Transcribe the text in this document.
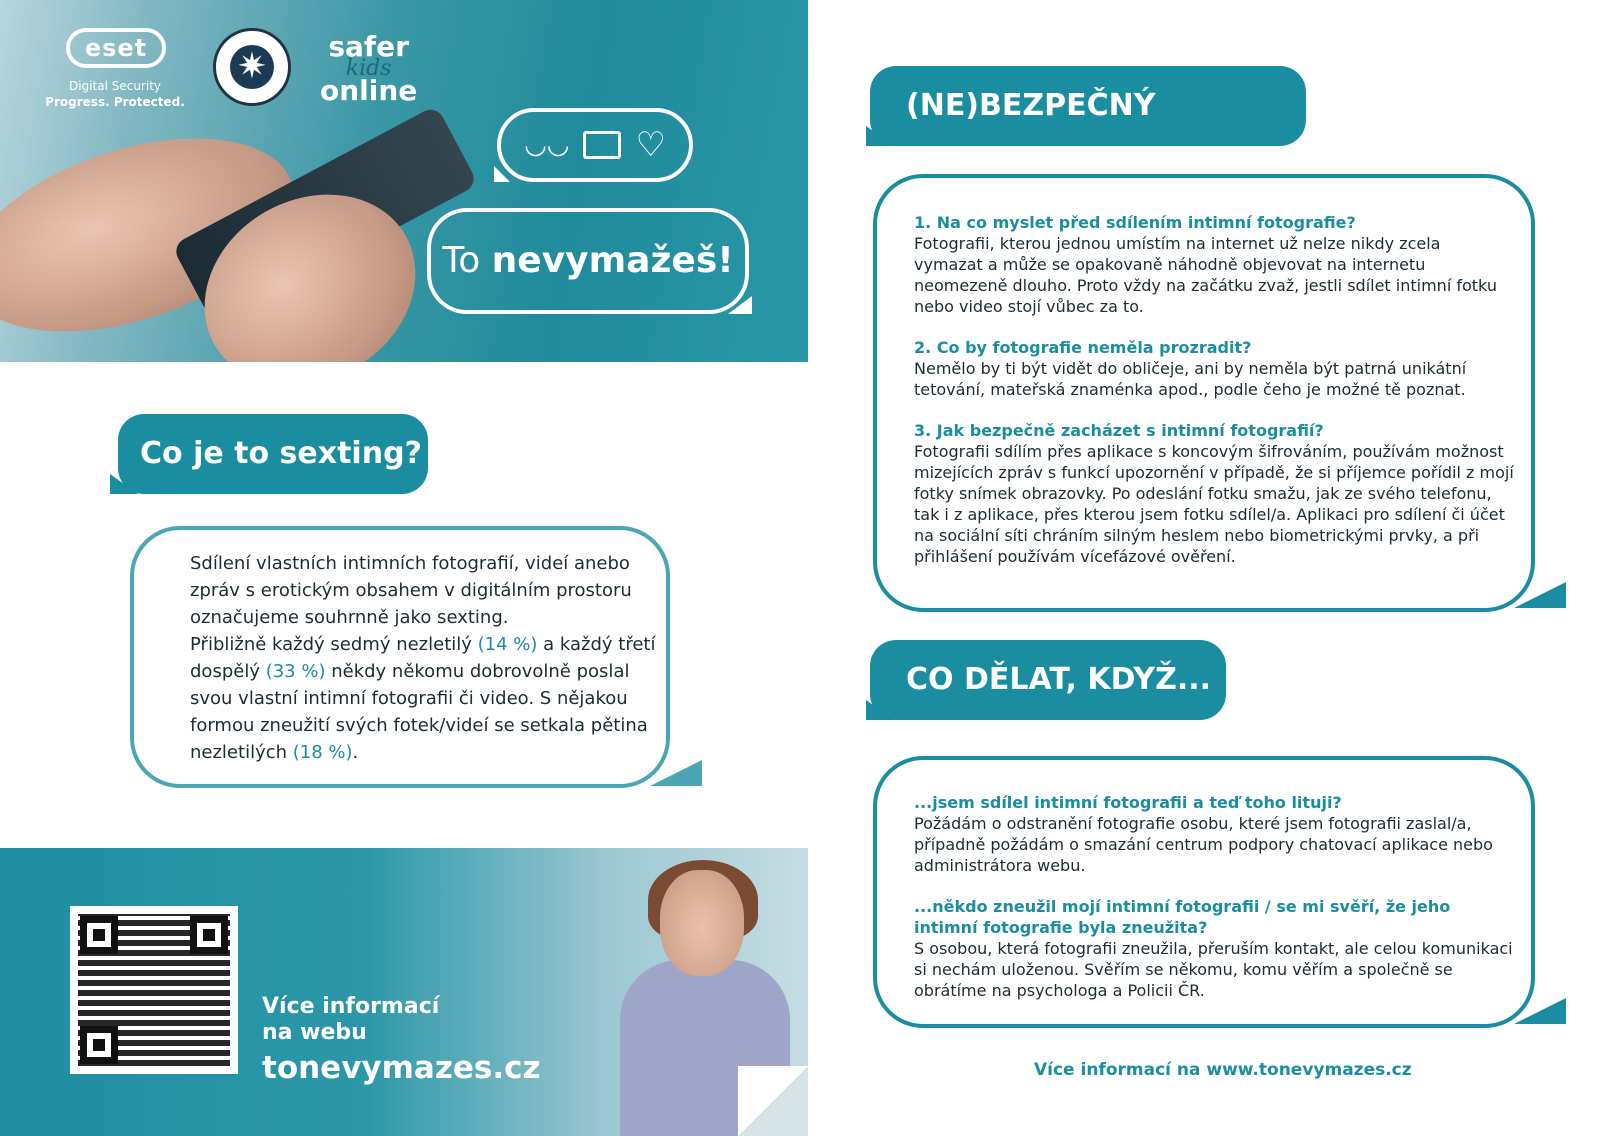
eset
Digital Security
Progress. Protected.
✷ safer
kids
online
◡◡ ♡
To nevymažeš!
Co je to sexting?
Sdílení vlastních intimních fotografií, videí anebo zpráv s erotickým obsahem v digitálním prostoru označujeme souhrnně jako sexting.
Přibližně každý sedmý nezletilý (14 %) a každý třetí dospělý (33 %) někdy někomu dobrovolně poslal svou vlastní intimní fotografii či video. S nějakou formou zneužití svých fotek/videí se setkala pětina nezletilých (18 %).
Více informací
na webu
tonevymazes.cz
(NE)BEZPEČNÝ SEXTING
1. Na co myslet před sdílením intimní fotografie?
Fotografii, kterou jednou umístím na internet už nelze nikdy zcela vymazat a může se opakovaně náhodně objevovat na internetu neomezeně dlouho. Proto vždy na začátku zvaž, jestli sdílet intimní fotku nebo video stojí vůbec za to.
2. Co by fotografie neměla prozradit?
Nemělo by ti být vidět do obličeje, ani by neměla být patrná unikátní tetování, mateřská znaménka apod., podle čeho je možné tě poznat.
3. Jak bezpečně zacházet s intimní fotografií?
Fotografii sdílím přes aplikace s koncovým šifrováním, používám možnost mizejících zpráv s funkcí upozornění v případě, že si příjemce pořídil z mojí fotky snímek obrazovky. Po odeslání fotku smažu, jak ze svého telefonu, tak i z aplikace, přes kterou jsem fotku sdílel/a. Aplikaci pro sdílení či účet na sociální síti chráním silným heslem nebo biometrickými prvky, a při přihlášení používám vícefázové ověření.
CO DĚLAT, KDYŽ...
...jsem sdílel intimní fotografii a teď toho lituji?
Požádám o odstranění fotografie osobu, které jsem fotografii zaslal/a, případně požádám o smazání centrum podpory chatovací aplikace nebo administrátora webu.
...někdo zneužil mojí intimní fotografii / se mi svěří, že jeho intimní fotografie byla zneužita?
S osobou, která fotografii zneužila, přeruším kontakt, ale celou komunikaci si nechám uloženou. Svěřím se někomu, komu věřím a společně se obrátíme na psychologa a Policii ČR.
Více informací na www.tonevymazes.cz
